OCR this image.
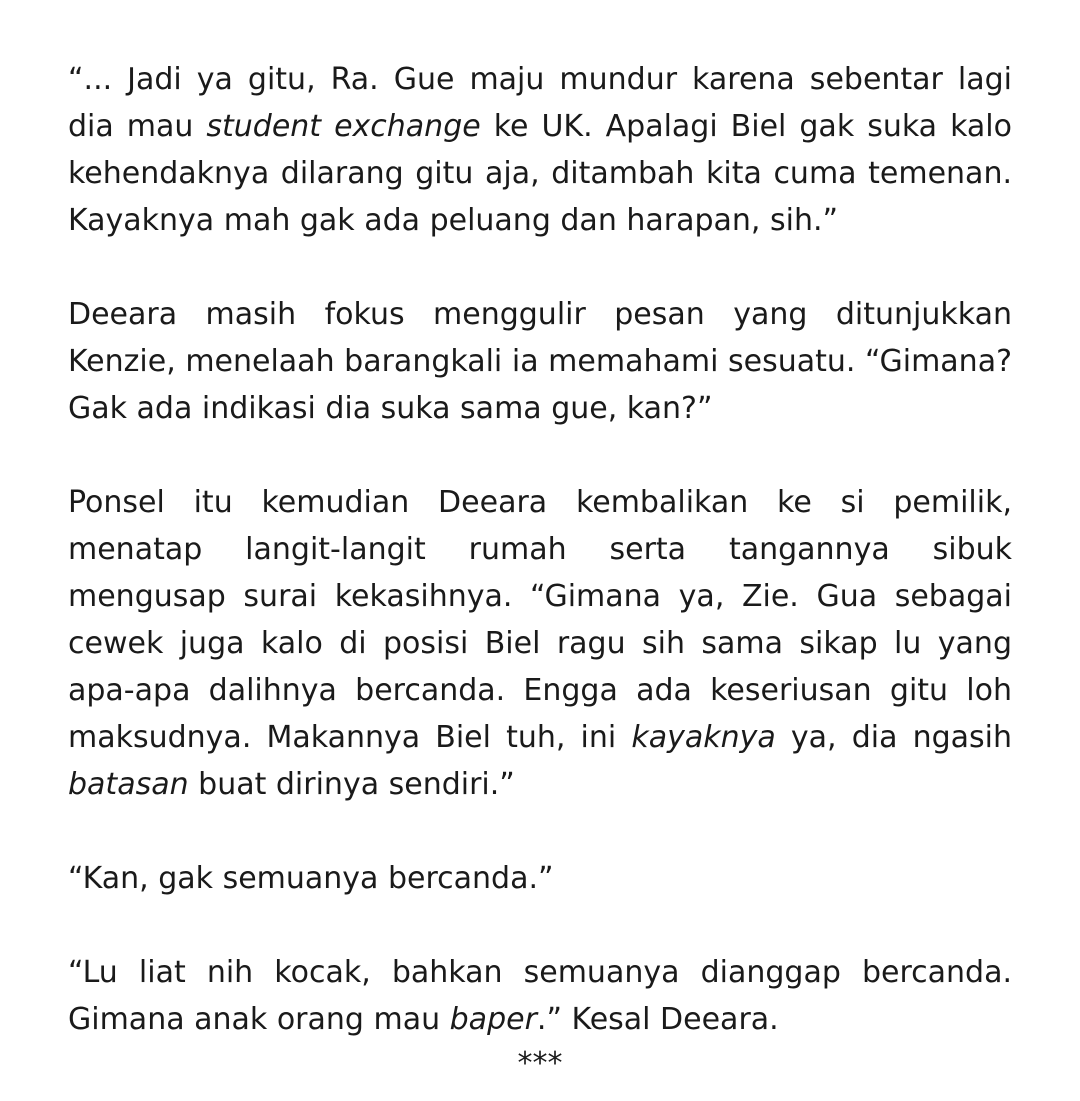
“... Jadi ya gitu, Ra. Gue maju mundur karena sebentar lagi dia mau student exchange ke UK. Apalagi Biel gak suka kalo kehendaknya dilarang gitu aja, ditambah kita cuma temenan. Kayaknya mah gak ada peluang dan harapan, sih.”

Deeara masih fokus menggulir pesan yang ditunjukkan Kenzie, menelaah barangkali ia memahami sesuatu. “Gimana? Gak ada indikasi dia suka sama gue, kan?”

Ponsel itu kemudian Deeara kembalikan ke si pemilik, menatap langit-langit rumah serta tangannya sibuk mengusap surai kekasihnya. “Gimana ya, Zie. Gua sebagai cewek juga kalo di posisi Biel ragu sih sama sikap lu yang apa-apa dalihnya bercanda. Engga ada keseriusan gitu loh maksudnya. Makannya Biel tuh, ini kayaknya ya, dia ngasih batasan buat dirinya sendiri.”

“Kan, gak semuanya bercanda.”

“Lu liat nih kocak, bahkan semuanya dianggap bercanda. Gimana anak orang mau baper.” Kesal Deeara.

***
